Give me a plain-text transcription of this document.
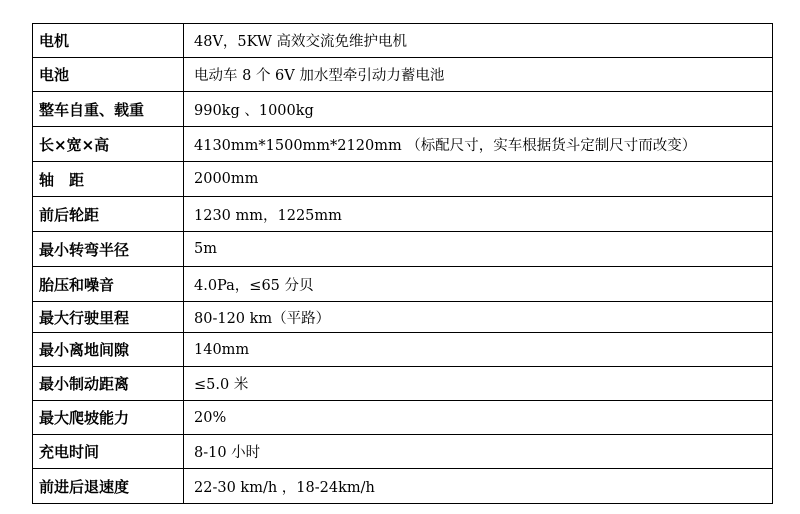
电机	48V，5KW 高效交流免维护电机
电池	电动车 8 个 6V 加水型牵引动力蓄电池
整车自重、载重	990kg 、1000kg
长×宽×高	4130mm*1500mm*2120mm （标配尺寸，实车根据货斗定制尺寸而改变）
轴　距	2000mm
前后轮距	1230 mm，1225mm
最小转弯半径	5m
胎压和噪音	4.0Pa，≤65 分贝
最大行驶里程	80-120 km（平路）
最小离地间隙	140mm
最小制动距离	≤5.0 米
最大爬坡能力	20%
充电时间	8-10 小时
前进后退速度	22-30 km/h ，18-24km/h
